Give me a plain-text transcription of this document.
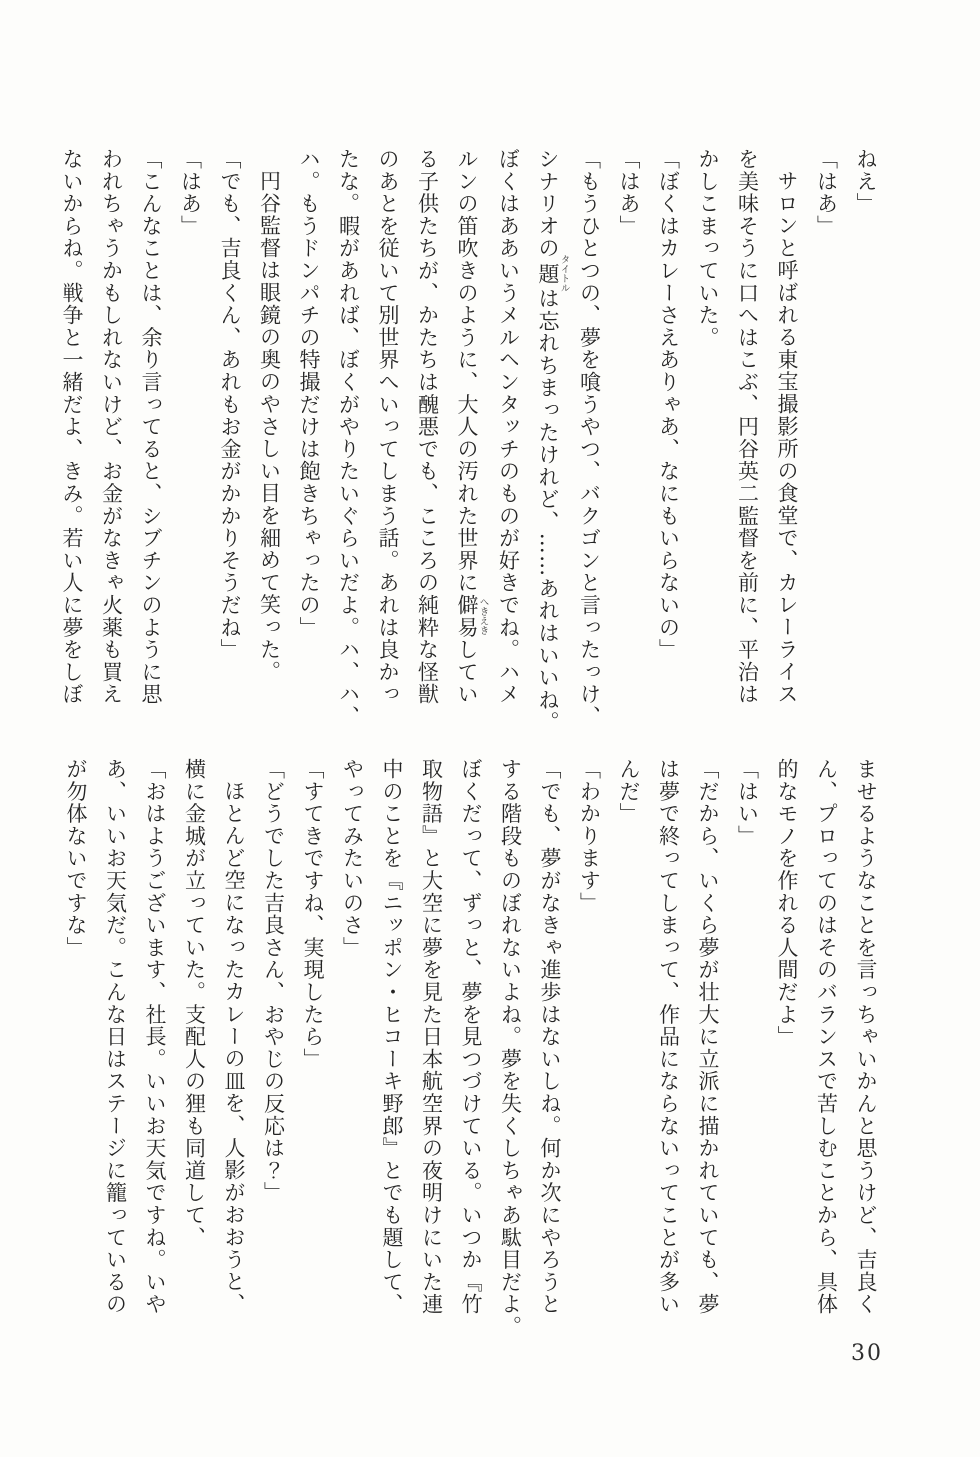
ねえ」
「はあ」
サロンと呼ばれる東宝撮影所の食堂で、カレーライス
を美味そうに口へはこぶ、円谷英二監督を前に、平治は
かしこまっていた。
「ぼくはカレーさえありゃあ、なにもいらないの」
「はあ」
「もうひとつの、夢を喰うやつ、バクゴンと言ったっけ、
シナリオの題タイトルは忘れちまったけれど、……あれはいいね。
ぼくはああいうメルヘンタッチのものが好きでね。ハメ
ルンの笛吹きのように、大人の汚れた世界に僻易へきえきしてい
る子供たちが、かたちは醜悪でも、こころの純粋な怪獣
のあとを従いて別世界へいってしまう話。あれは良かっ
たな。暇があれば、ぼくがやりたいぐらいだよ。ハ、ハ、
ハ。もうドンパチの特撮だけは飽きちゃったの」
円谷監督は眼鏡の奥のやさしい目を細めて笑った。
「でも、吉良くん、あれもお金がかかりそうだね」
「はあ」
「こんなことは、余り言ってると、シブチンのように思
われちゃうかもしれないけど、お金がなきゃ火薬も買え
ないからね。戦争と一緒だよ、きみ。若い人に夢をしぼ
ませるようなことを言っちゃいかんと思うけど、吉良く
ん、プロってのはそのバランスで苦しむことから、具体
的なモノを作れる人間だよ」
「はい」
「だから、いくら夢が壮大に立派に描かれていても、夢
は夢で終ってしまって、作品にならないってことが多い
んだ」
「わかります」
「でも、夢がなきゃ進歩はないしね。何か次にやろうと
する階段ものぼれないよね。夢を失くしちゃあ駄目だよ。
ぼくだって、ずっと、夢を見つづけている。いつか『竹
取物語』と大空に夢を見た日本航空界の夜明けにいた連
中のことを『ニッポン・ヒコーキ野郎』とでも題して、
やってみたいのさ」
「すてきですね、実現したら」
「どうでした吉良さん、おやじの反応は？」
ほとんど空になったカレーの皿を、人影がおおうと、
横に金城が立っていた。支配人の狸も同道して、
「おはようございます、社長。いいお天気ですね。いや
あ、いいお天気だ。こんな日はステージに籠っているの
が勿体ないですな」
30
